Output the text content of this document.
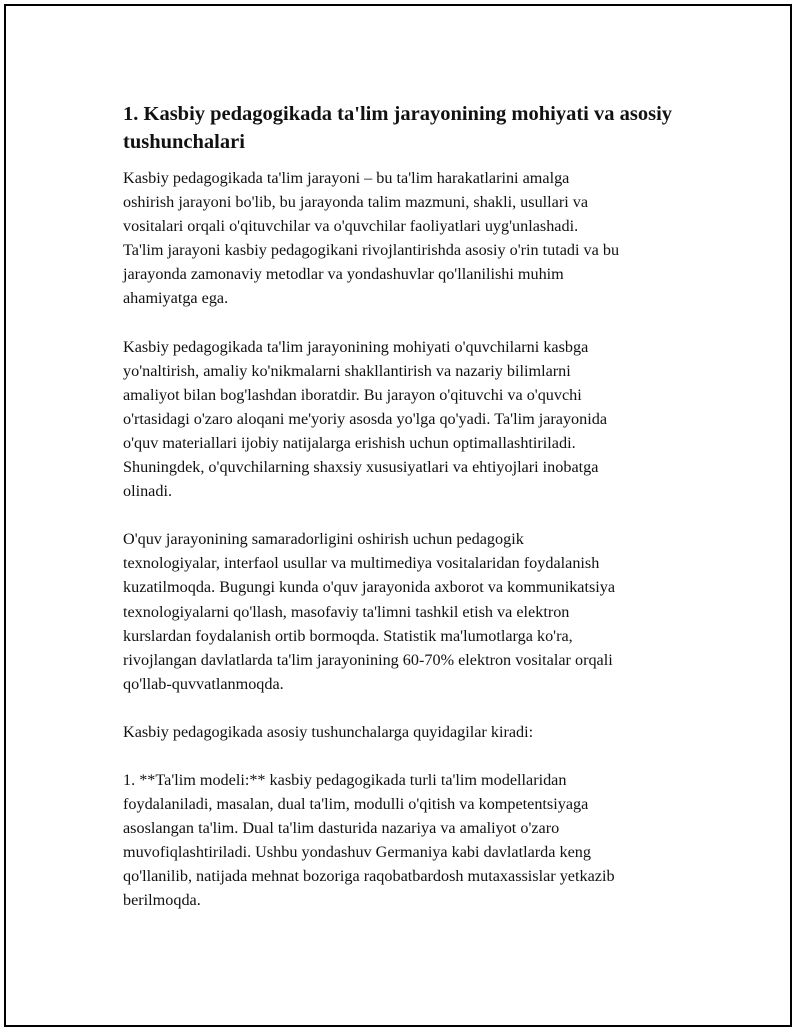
1. Kasbiy pedagogikada ta'lim jarayonining mohiyati va asosiy
tushunchalari

Kasbiy pedagogikada ta'lim jarayoni – bu ta'lim harakatlarini amalga
oshirish jarayoni bo'lib, bu jarayonda talim mazmuni, shakli, usullari va
vositalari orqali o'qituvchilar va o'quvchilar faoliyatlari uyg'unlashadi.
Ta'lim jarayoni kasbiy pedagogikani rivojlantirishda asosiy o'rin tutadi va bu
jarayonda zamonaviy metodlar va yondashuvlar qo'llanilishi muhim
ahamiyatga ega.

Kasbiy pedagogikada ta'lim jarayonining mohiyati o'quvchilarni kasbga
yo'naltirish, amaliy ko'nikmalarni shakllantirish va nazariy bilimlarni
amaliyot bilan bog'lashdan iboratdir. Bu jarayon o'qituvchi va o'quvchi
o'rtasidagi o'zaro aloqani me'yoriy asosda yo'lga qo'yadi. Ta'lim jarayonida
o'quv materiallari ijobiy natijalarga erishish uchun optimallashtiriladi.
Shuningdek, o'quvchilarning shaxsiy xususiyatlari va ehtiyojlari inobatga
olinadi.

O'quv jarayonining samaradorligini oshirish uchun pedagogik
texnologiyalar, interfaol usullar va multimediya vositalaridan foydalanish
kuzatilmoqda. Bugungi kunda o'quv jarayonida axborot va kommunikatsiya
texnologiyalarni qo'llash, masofaviy ta'limni tashkil etish va elektron
kurslardan foydalanish ortib bormoqda. Statistik ma'lumotlarga ko'ra,
rivojlangan davlatlarda ta'lim jarayonining 60-70% elektron vositalar orqali
qo'llab-quvvatlanmoqda.

Kasbiy pedagogikada asosiy tushunchalarga quyidagilar kiradi:

1. **Ta'lim modeli:** kasbiy pedagogikada turli ta'lim modellaridan
foydalaniladi, masalan, dual ta'lim, modulli o'qitish va kompetentsiyaga
asoslangan ta'lim. Dual ta'lim dasturida nazariya va amaliyot o'zaro
muvofiqlashtiriladi. Ushbu yondashuv Germaniya kabi davlatlarda keng
qo'llanilib, natijada mehnat bozoriga raqobatbardosh mutaxassislar yetkazib
berilmoqda.
